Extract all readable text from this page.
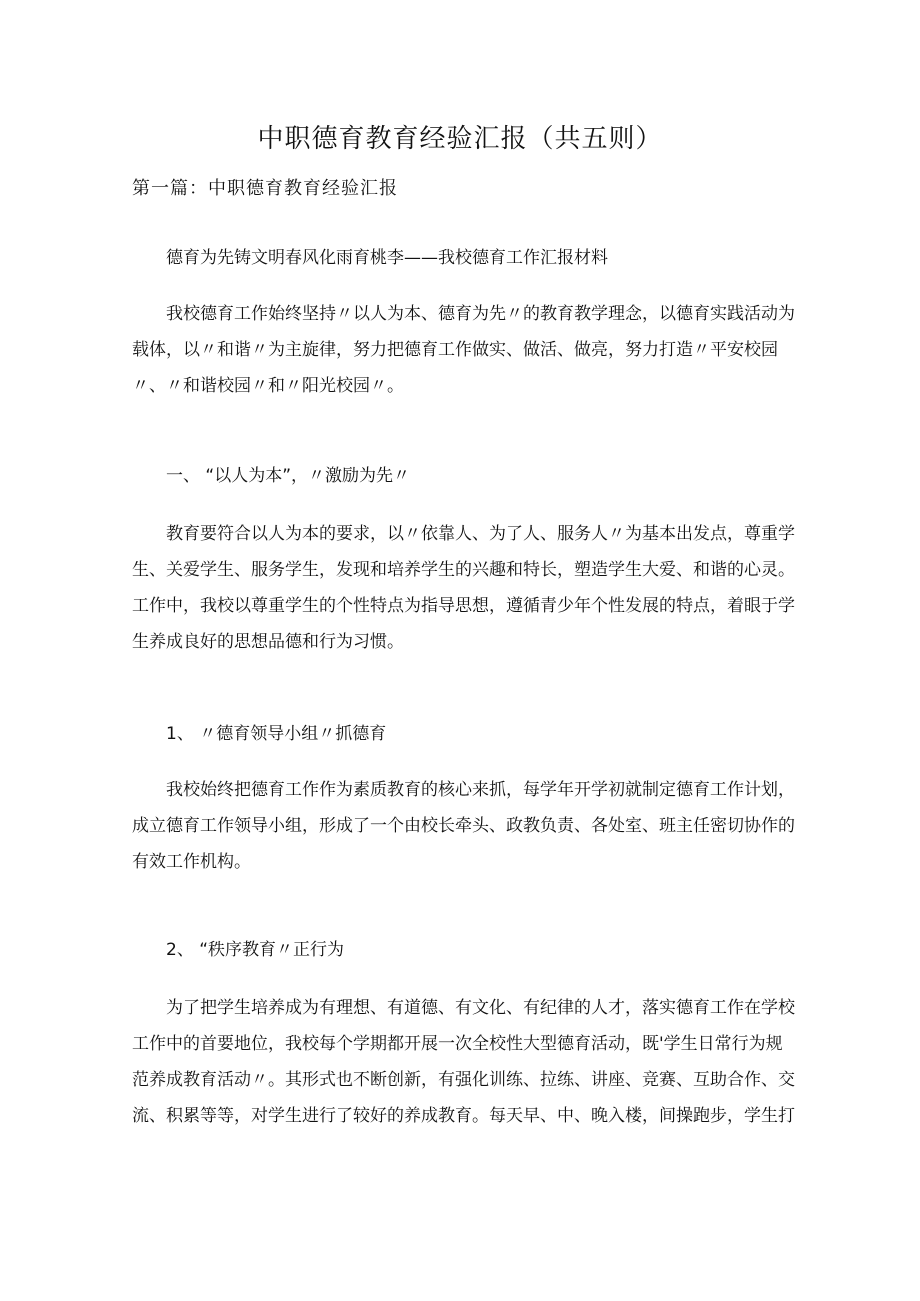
中职德育教育经验汇报（共五则）
第一篇：中职德育教育经验汇报

德育为先铸文明春风化雨育桃李——我校德育工作汇报材料

我校德育工作始终坚持〃以人为本、德育为先〃的教育教学理念，以德育实践活动为载体，以〃和谐〃为主旋律，努力把德育工作做实、做活、做亮，努力打造〃平安校园〃、〃和谐校园〃和〃阳光校园〃。

一、 “以人为本”，〃激励为先〃

教育要符合以人为本的要求，以〃依靠人、为了人、服务人〃为基本出发点，尊重学生、关爱学生、服务学生，发现和培养学生的兴趣和特长，塑造学生大爱、和谐的心灵。工作中，我校以尊重学生的个性特点为指导思想，遵循青少年个性发展的特点，着眼于学生养成良好的思想品德和行为习惯。

1、 〃德育领导小组〃抓德育

我校始终把德育工作作为素质教育的核心来抓，每学年开学初就制定德育工作计划，成立德育工作领导小组，形成了一个由校长牵头、政教负责、各处室、班主任密切协作的有效工作机构。

2、 “秩序教育〃正行为

为了把学生培养成为有理想、有道德、有文化、有纪律的人才，落实德育工作在学校工作中的首要地位，我校每个学期都开展一次全校性大型德育活动，既'学生日常行为规范养成教育活动〃。其形式也不断创新，有强化训练、拉练、讲座、竞赛、互助合作、交流、积累等等，对学生进行了较好的养成教育。每天早、中、晚入楼，间操跑步，学生打
